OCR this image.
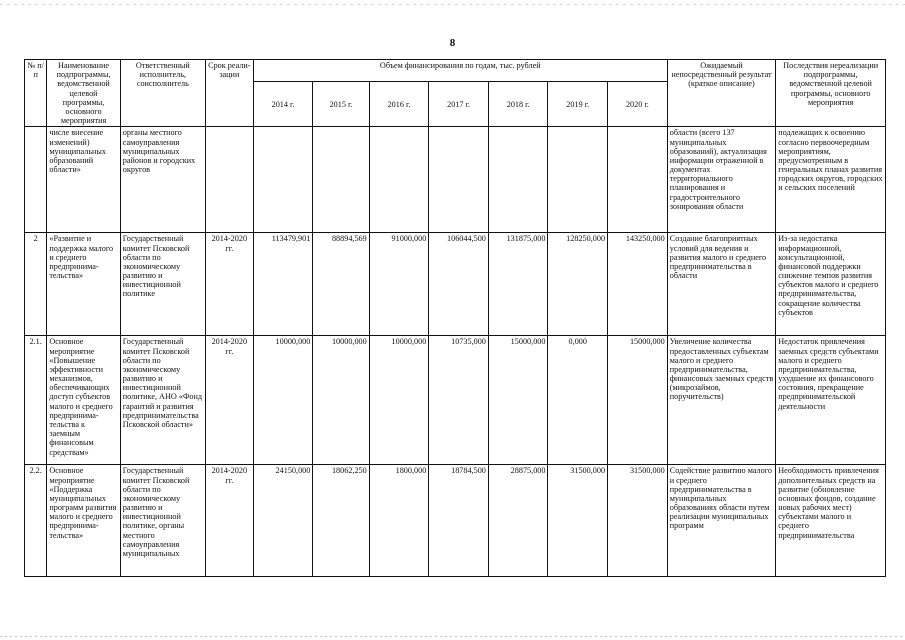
8
№ п/п	Наименование подпрограммы, ведомственной целевой программы, основного мероприятия	Ответственный исполнитель, соисполнитель	Срок реали-зации	Объем финансирования по годам, тыс. рублей							Ожидаемый непосредственный результат (краткое описание)	Последствия нереализации подпрограммы, ведомственной целевой программы, основного мероприятия
				2014 г.	2015 г.	2016 г.	2017 г.	2018 г.	2019 г.	2020 г.		
	числе внесение изменений) муниципальных образований области»	органы местного самоуправления муниципальных районов и городских округов									области (всего 137 муниципальных образований), актуализация информации отраженной в документах территориального планирования и градостроительного зонирования области	подлежащих к освоению согласно первоочередным мероприятиям, предусмотренным в генеральных планах развития городских округов, городских и сельских поселений
2	«Развитие и поддержка малого и среднего предпринима-тельства»	Государственный комитет Псковской области по экономическому развитию и инвестиционной политике	2014-2020 гг.	113479,901	88894,569	91000,000	106044,500	131875,000	128250,000	143250,000	Создание благоприятных условий для ведения и развития малого и среднего предпринимательства в области	Из-за недостатка информационной, консультационной, финансовой поддержки снижение темпов развития субъектов малого и среднего предпринимательства, сокращение количества субъектов
2.1.	Основное мероприятие «Повышение эффективности механизмов, обеспечивающих доступ субъектов малого и среднего предпринима-тельства к заемным финансовым средствам»	Государственный комитет Псковской области по экономическому развитию и инвестиционной политике, АНО «Фонд гарантий и развития предпринимательства Псковской области»	2014-2020 гг.	10000,000	10000,000	10000,000	10735,000	15000,000	0,000	15000,000	Увеличение количества предоставленных субъектам малого и среднего предпринимательства, финансовых заемных средств (микрозаймов, поручительств)	Недостаток привлечения заемных средств субъектами малого и среднего предпринимательства, ухудшение их финансового состояния, прекращение предпринимательской деятельности
2.2.	Основное мероприятие «Поддержка муниципальных программ развития малого и среднего предпринима-тельства»	Государственный комитет Псковской области по экономическому развитию и инвестиционной политике, органы местного самоуправления муниципальных	2014-2020 гг.	24150,000	18062,250	1800,000	18784,500	28875,000	31500,000	31500,000	Содействие развитию малого и среднего предпринимательства в муниципальных образованиях области путем реализации муниципальных программ	Необходимость привлечения дополнительных средств на развитие (обновление основных фондов, создание новых рабочих мест) субъектами малого и среднего предпринимательства
